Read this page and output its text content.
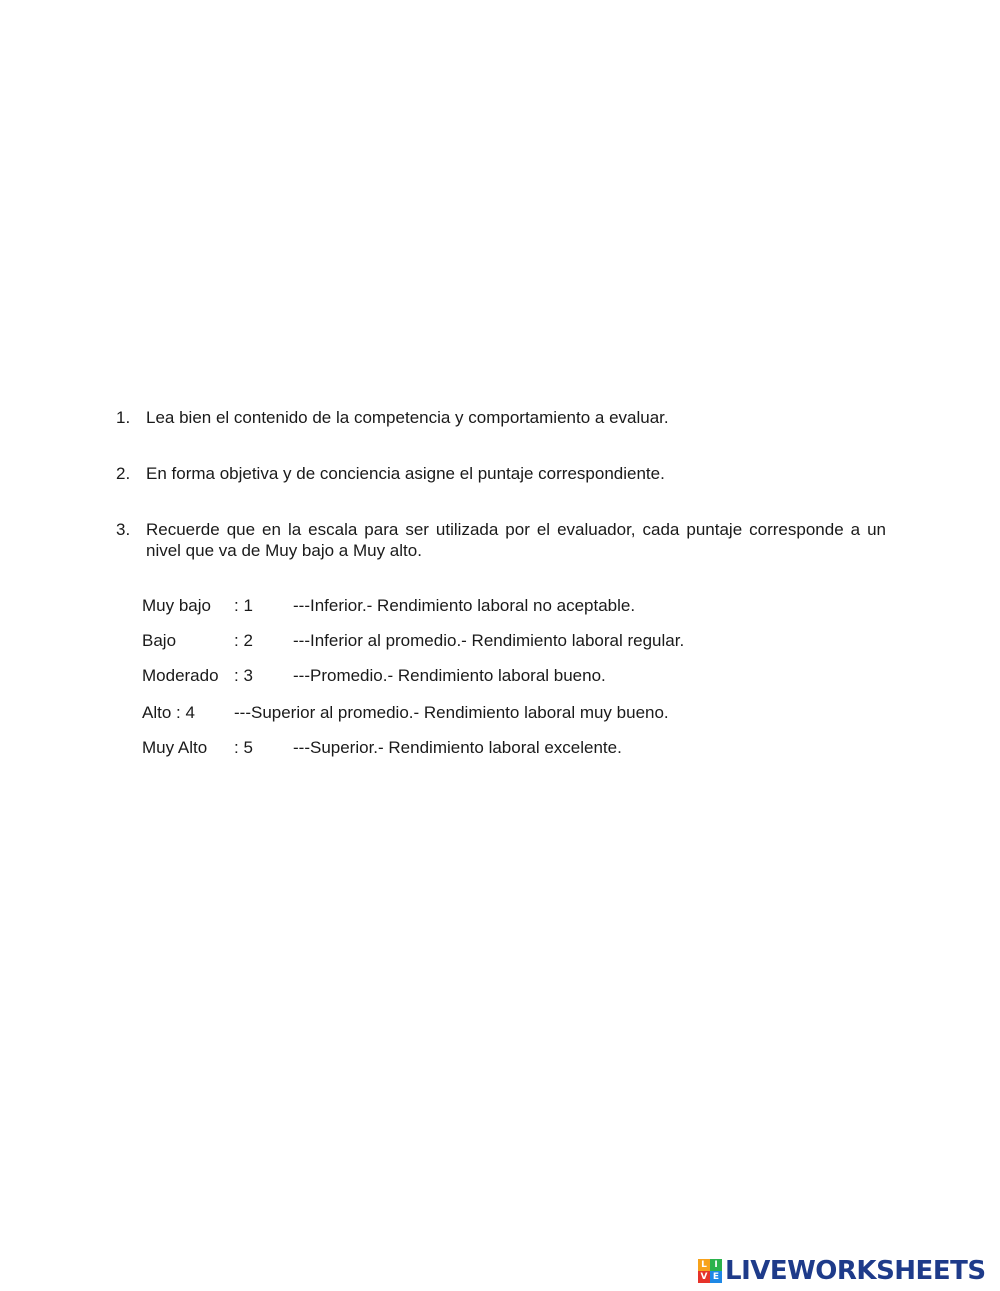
1. Lea bien el contenido de la competencia y comportamiento a evaluar.
2. En forma objetiva y de conciencia asigne el puntaje correspondiente.
3. Recuerde que en la escala para ser utilizada por el evaluador, cada puntaje corresponde a un nivel que va de Muy bajo a Muy alto.
Muy bajo : 1 ---Inferior.- Rendimiento laboral no aceptable.
Bajo	: 2 ---Inferior al promedio.- Rendimiento laboral regular.
Moderado : 3 ---Promedio.- Rendimiento laboral bueno.
Alto : 4 ---Superior al promedio.- Rendimiento laboral muy bueno.
Muy Alto : 5 ---Superior.- Rendimiento laboral excelente.
L I
V E LIVEWORKSHEETS
